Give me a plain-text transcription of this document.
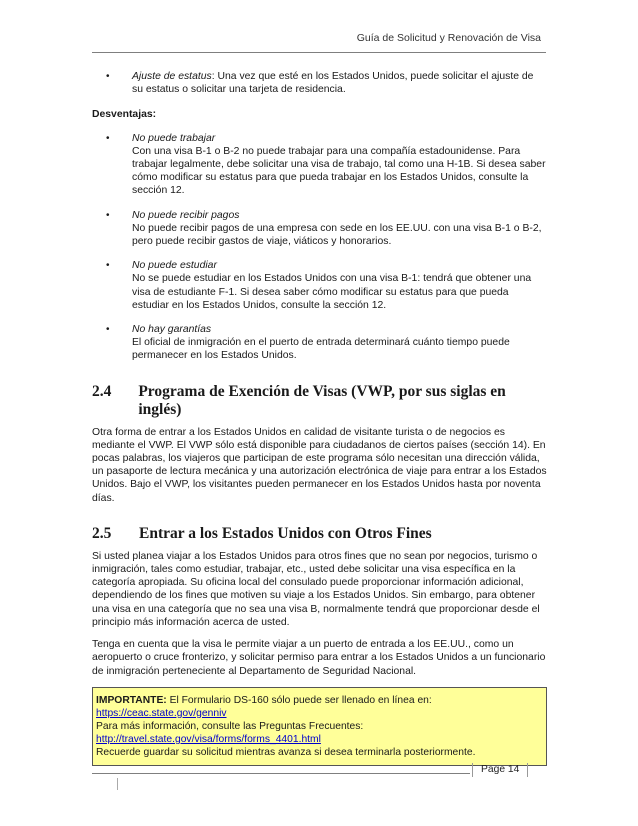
Guía de Solicitud y Renovación de Visa
• Ajuste de estatus: Una vez que esté en los Estados Unidos, puede solicitar el ajuste de su estatus o solicitar una tarjeta de residencia.
Desventajas:
• No puede trabajar
Con una visa B-1 o B-2 no puede trabajar para una compañía estadounidense. Para trabajar legalmente, debe solicitar una visa de trabajo, tal como una H-1B. Si desea saber cómo modificar su estatus para que pueda trabajar en los Estados Unidos, consulte la sección 12.
• No puede recibir pagos
No puede recibir pagos de una empresa con sede en los EE.UU. con una visa B-1 o B-2, pero puede recibir gastos de viaje, viáticos y honorarios.
• No puede estudiar
No se puede estudiar en los Estados Unidos con una visa B-1: tendrá que obtener una visa de estudiante F-1. Si desea saber cómo modificar su estatus para que pueda estudiar en los Estados Unidos, consulte la sección 12.
• No hay garantías
El oficial de inmigración en el puerto de entrada determinará cuánto tiempo puede permanecer en los Estados Unidos.
2.4	Programa de Exención de Visas (VWP, por sus siglas en inglés)

Otra forma de entrar a los Estados Unidos en calidad de visitante turista o de negocios es mediante el VWP. El VWP sólo está disponible para ciudadanos de ciertos países (sección 14). En pocas palabras, los viajeros que participan de este programa sólo necesitan una dirección válida, un pasaporte de lectura mecánica y una autorización electrónica de viaje para entrar a los Estados Unidos. Bajo el VWP, los visitantes pueden permanecer en los Estados Unidos hasta por noventa días.

2.5	Entrar a los Estados Unidos con Otros Fines

Si usted planea viajar a los Estados Unidos para otros fines que no sean por negocios, turismo o inmigración, tales como estudiar, trabajar, etc., usted debe solicitar una visa específica en la categoría apropiada. Su oficina local del consulado puede proporcionar información adicional, dependiendo de los fines que motiven su viaje a los Estados Unidos. Sin embargo, para obtener una visa en una categoría que no sea una visa B, normalmente tendrá que proporcionar desde el principio más información acerca de usted.

Tenga en cuenta que la visa le permite viajar a un puerto de entrada a los EE.UU., como un aeropuerto o cruce fronterizo, y solicitar permiso para entrar a los Estados Unidos a un funcionario de inmigración perteneciente al Departamento de Seguridad Nacional.

IMPORTANTE: El Formulario DS-160 sólo puede ser llenado en línea en:
https://ceac.state.gov/genniv
Para más información, consulte las Preguntas Frecuentes:
http://travel.state.gov/visa/forms/forms_4401.html
Recuerde guardar su solicitud mientras avanza si desea terminarla posteriormente.
Page 14
